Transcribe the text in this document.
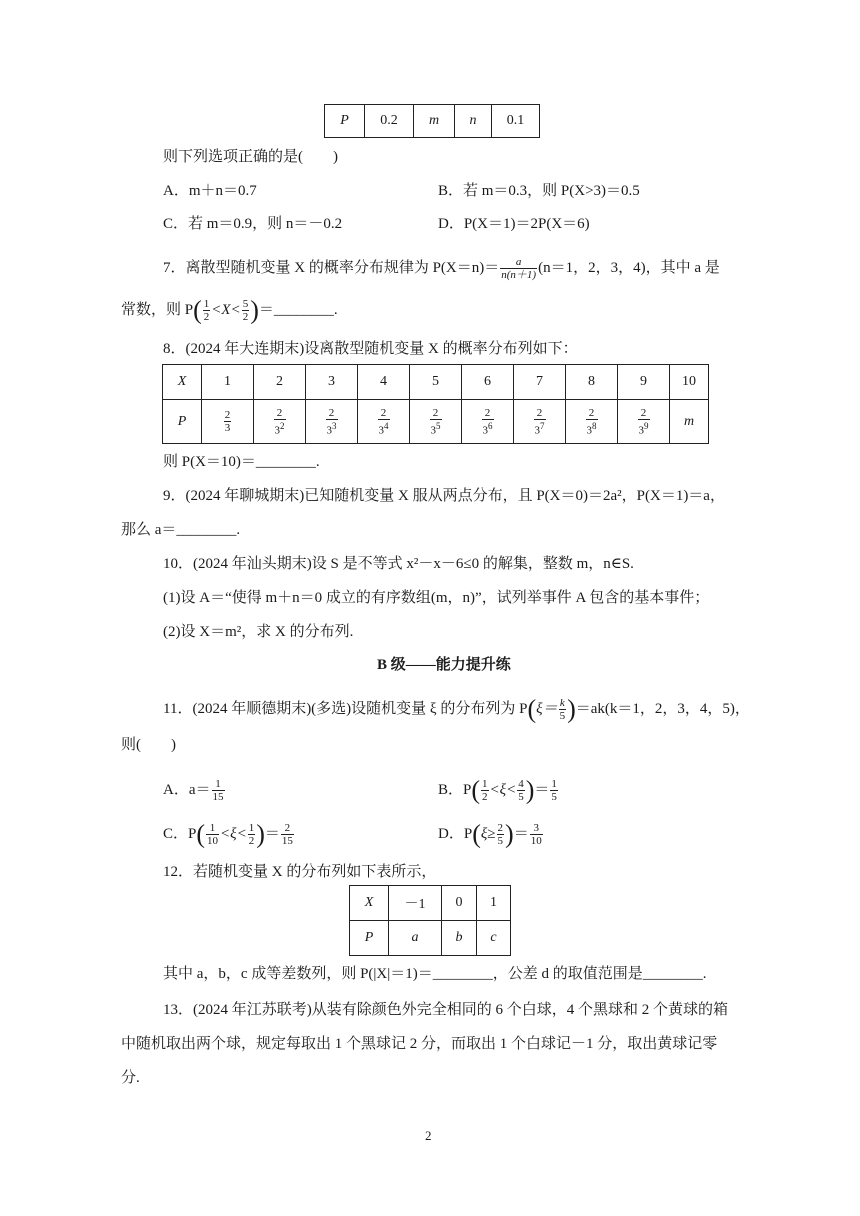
P	0.2	m	n	0.1
则下列选项正确的是(　　)
A．m＋n＝0.7	B．若 m＝0.3，则 P(X>3)＝0.5
C．若 m＝0.9，则 n＝－0.2	D．P(X＝1)＝2P(X＝6)
7．离散型随机变量 X 的概率分布规律为 $P(X=n)= \frac{a}{n(n+1)} (n=1$，2，3，4)，其中 a 是
常数，则 $P( \frac{1}{2} <X< \frac{5}{2}$ )＝________.
8．(2024 年大连期末)设离散型随机变量 X 的概率分布列如下：
X	1	2	3	4	5	6	7	8	9	10
P	$\frac{2}{3}$	$\frac{2}{3^2}$	$\frac{2}{3^3}$	$\frac{2}{3^4}$	$\frac{2}{3^5}$	$\frac{2}{3^6}$	$\frac{2}{3^7}$	$\frac{2}{3^8}$	$\frac{2}{3^9}$	m
则 P(X＝10)＝________.
9．(2024 年聊城期末)已知随机变量 X 服从两点分布，且 P(X＝0)＝2a²，P(X＝1)＝a，
那么 a＝________.
10．(2024 年汕头期末)设 S 是不等式 x²－x－6≤0 的解集，整数 m，n∈S.
(1)设 A＝“使得 m＋n＝0 成立的有序数组(m，n)”，试列举事件 A 包含的基本事件；
(2)设 X＝m²，求 X 的分布列.
B 级——能力提升练
11．(2024 年顺德期末)(多选)设随机变量 ξ 的分布列为 $P(\xi= \frac{k}{5} )=ak(k=1$，2，3，4，5)，
则(　　)
A．$a= \frac{1}{15}$	B．$P( \frac{1}{2} <\xi< \frac{4}{5}$ )＝ $\frac{1}{5}$
C．$P( \frac{1}{10} <\xi< \frac{1}{2}$ )＝ $\frac{2}{15}$	D．$P(\xi\ge \frac{2}{5}$ )＝ $\frac{3}{10}$
12．若随机变量 X 的分布列如下表所示，
X	－1	0	1
P	a	b	c
其中 a，b，c 成等差数列，则 P(|X|＝1)＝________，公差 d 的取值范围是________.
13．(2024 年江苏联考)从装有除颜色外完全相同的 6 个白球，4 个黑球和 2 个黄球的箱
中随机取出两个球，规定每取出 1 个黑球记 2 分，而取出 1 个白球记－1 分，取出黄球记零
分.
2
